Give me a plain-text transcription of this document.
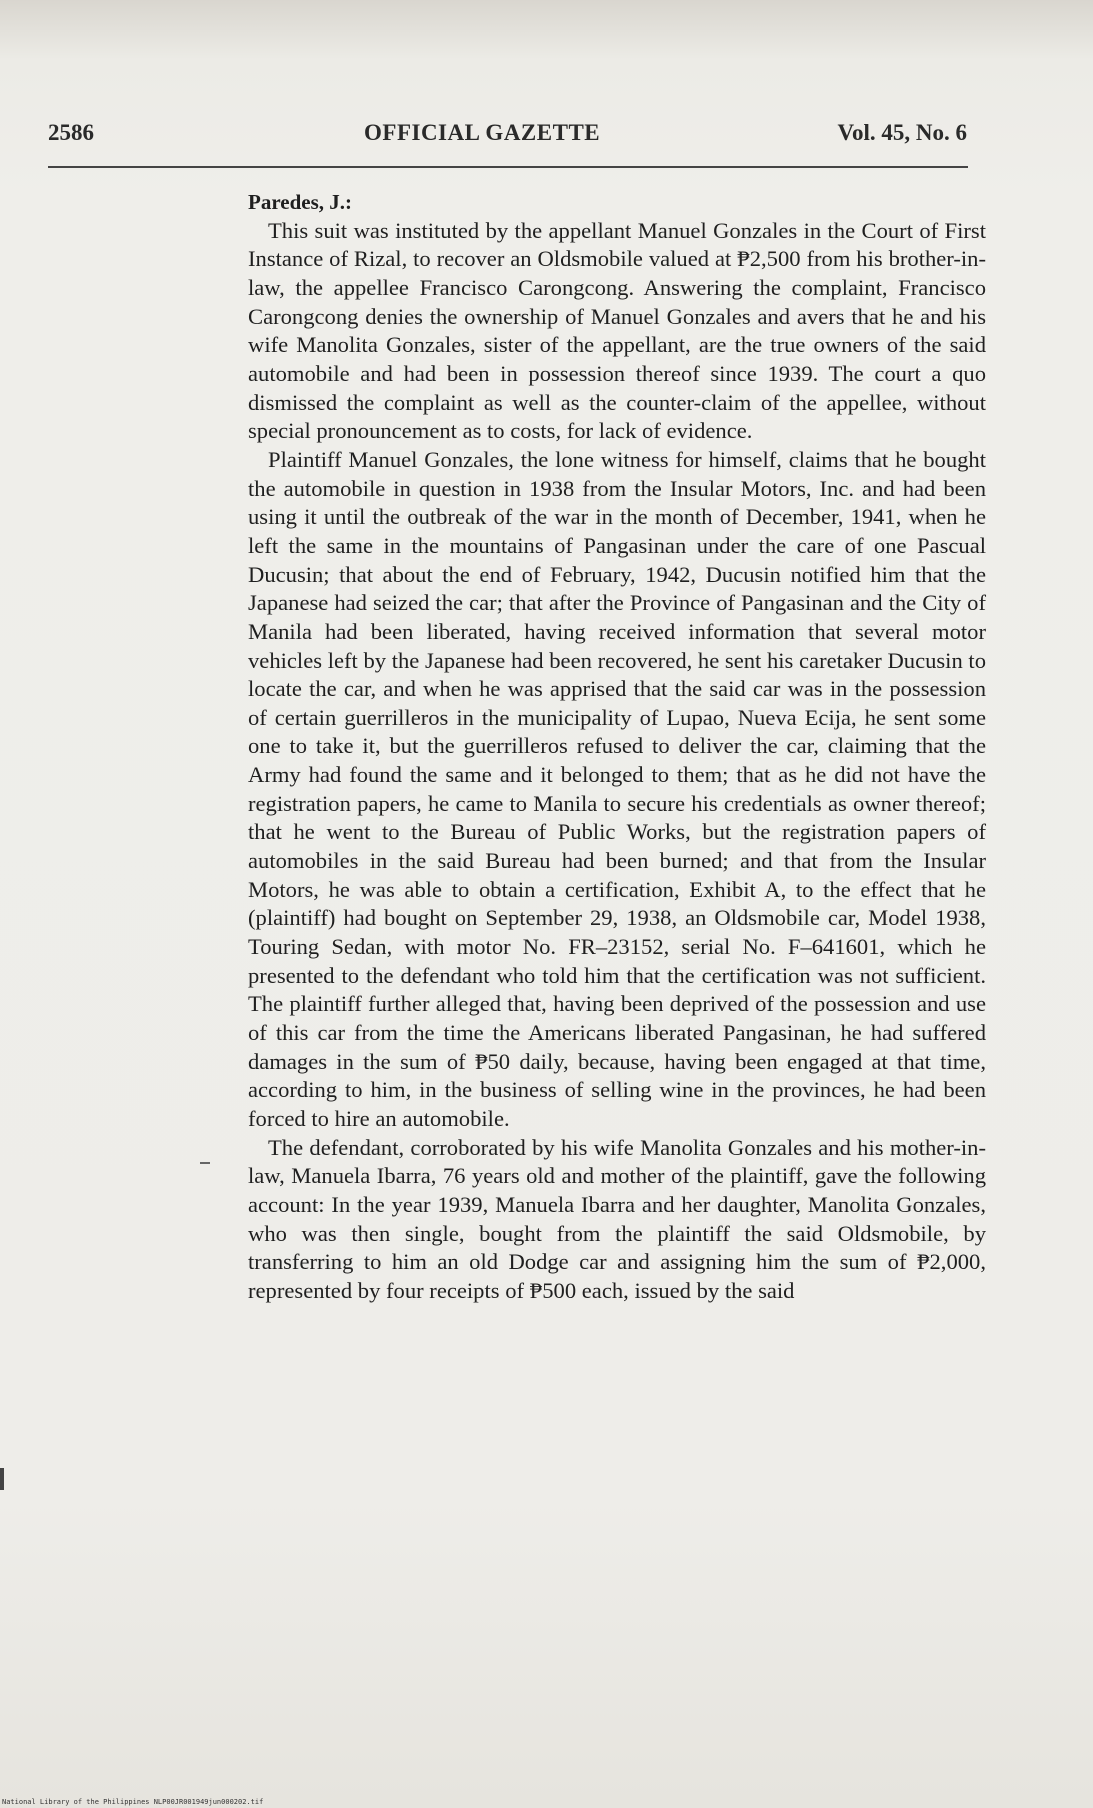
2586	OFFICIAL GAZETTE	Vol. 45, No. 6
Paredes, J.:

This suit was instituted by the appellant Manuel Gonzales in the Court of First Instance of Rizal, to recover an Oldsmobile valued at ₱2,500 from his brother-in-law, the appellee Francisco Carongcong. Answering the complaint, Francisco Carongcong denies the ownership of Manuel Gonzales and avers that he and his wife Manolita Gonzales, sister of the appellant, are the true owners of the said automobile and had been in possession thereof since 1939. The court a quo dismissed the complaint as well as the counter-claim of the appellee, without special pronouncement as to costs, for lack of evidence.

Plaintiff Manuel Gonzales, the lone witness for himself, claims that he bought the automobile in question in 1938 from the Insular Motors, Inc. and had been using it until the outbreak of the war in the month of December, 1941, when he left the same in the mountains of Pangasinan under the care of one Pascual Ducusin; that about the end of February, 1942, Ducusin notified him that the Japanese had seized the car; that after the Province of Pangasinan and the City of Manila had been liberated, having received information that several motor vehicles left by the Japanese had been recovered, he sent his caretaker Ducusin to locate the car, and when he was apprised that the said car was in the possession of certain guerrilleros in the municipality of Lupao, Nueva Ecija, he sent some one to take it, but the guerrilleros refused to deliver the car, claiming that the Army had found the same and it belonged to them; that as he did not have the registration papers, he came to Manila to secure his credentials as owner thereof; that he went to the Bureau of Public Works, but the registration papers of automobiles in the said Bureau had been burned; and that from the Insular Motors, he was able to obtain a certification, Exhibit A, to the effect that he (plaintiff) had bought on September 29, 1938, an Oldsmobile car, Model 1938, Touring Sedan, with motor No. FR–23152, serial No. F–641601, which he presented to the defendant who told him that the certification was not sufficient. The plaintiff further alleged that, having been deprived of the possession and use of this car from the time the Americans liberated Pangasinan, he had suffered damages in the sum of ₱50 daily, because, having been engaged at that time, according to him, in the business of selling wine in the provinces, he had been forced to hire an automobile.

The defendant, corroborated by his wife Manolita Gonzales and his mother-in-law, Manuela Ibarra, 76 years old and mother of the plaintiff, gave the following account: In the year 1939, Manuela Ibarra and her daughter, Manolita Gonzales, who was then single, bought from the plaintiff the said Oldsmobile, by transferring to him an old Dodge car and assigning him the sum of ₱2,000, represented by four receipts of ₱500 each, issued by the said

National Library of the Philippines NLP00JR001949jun000202.tif
